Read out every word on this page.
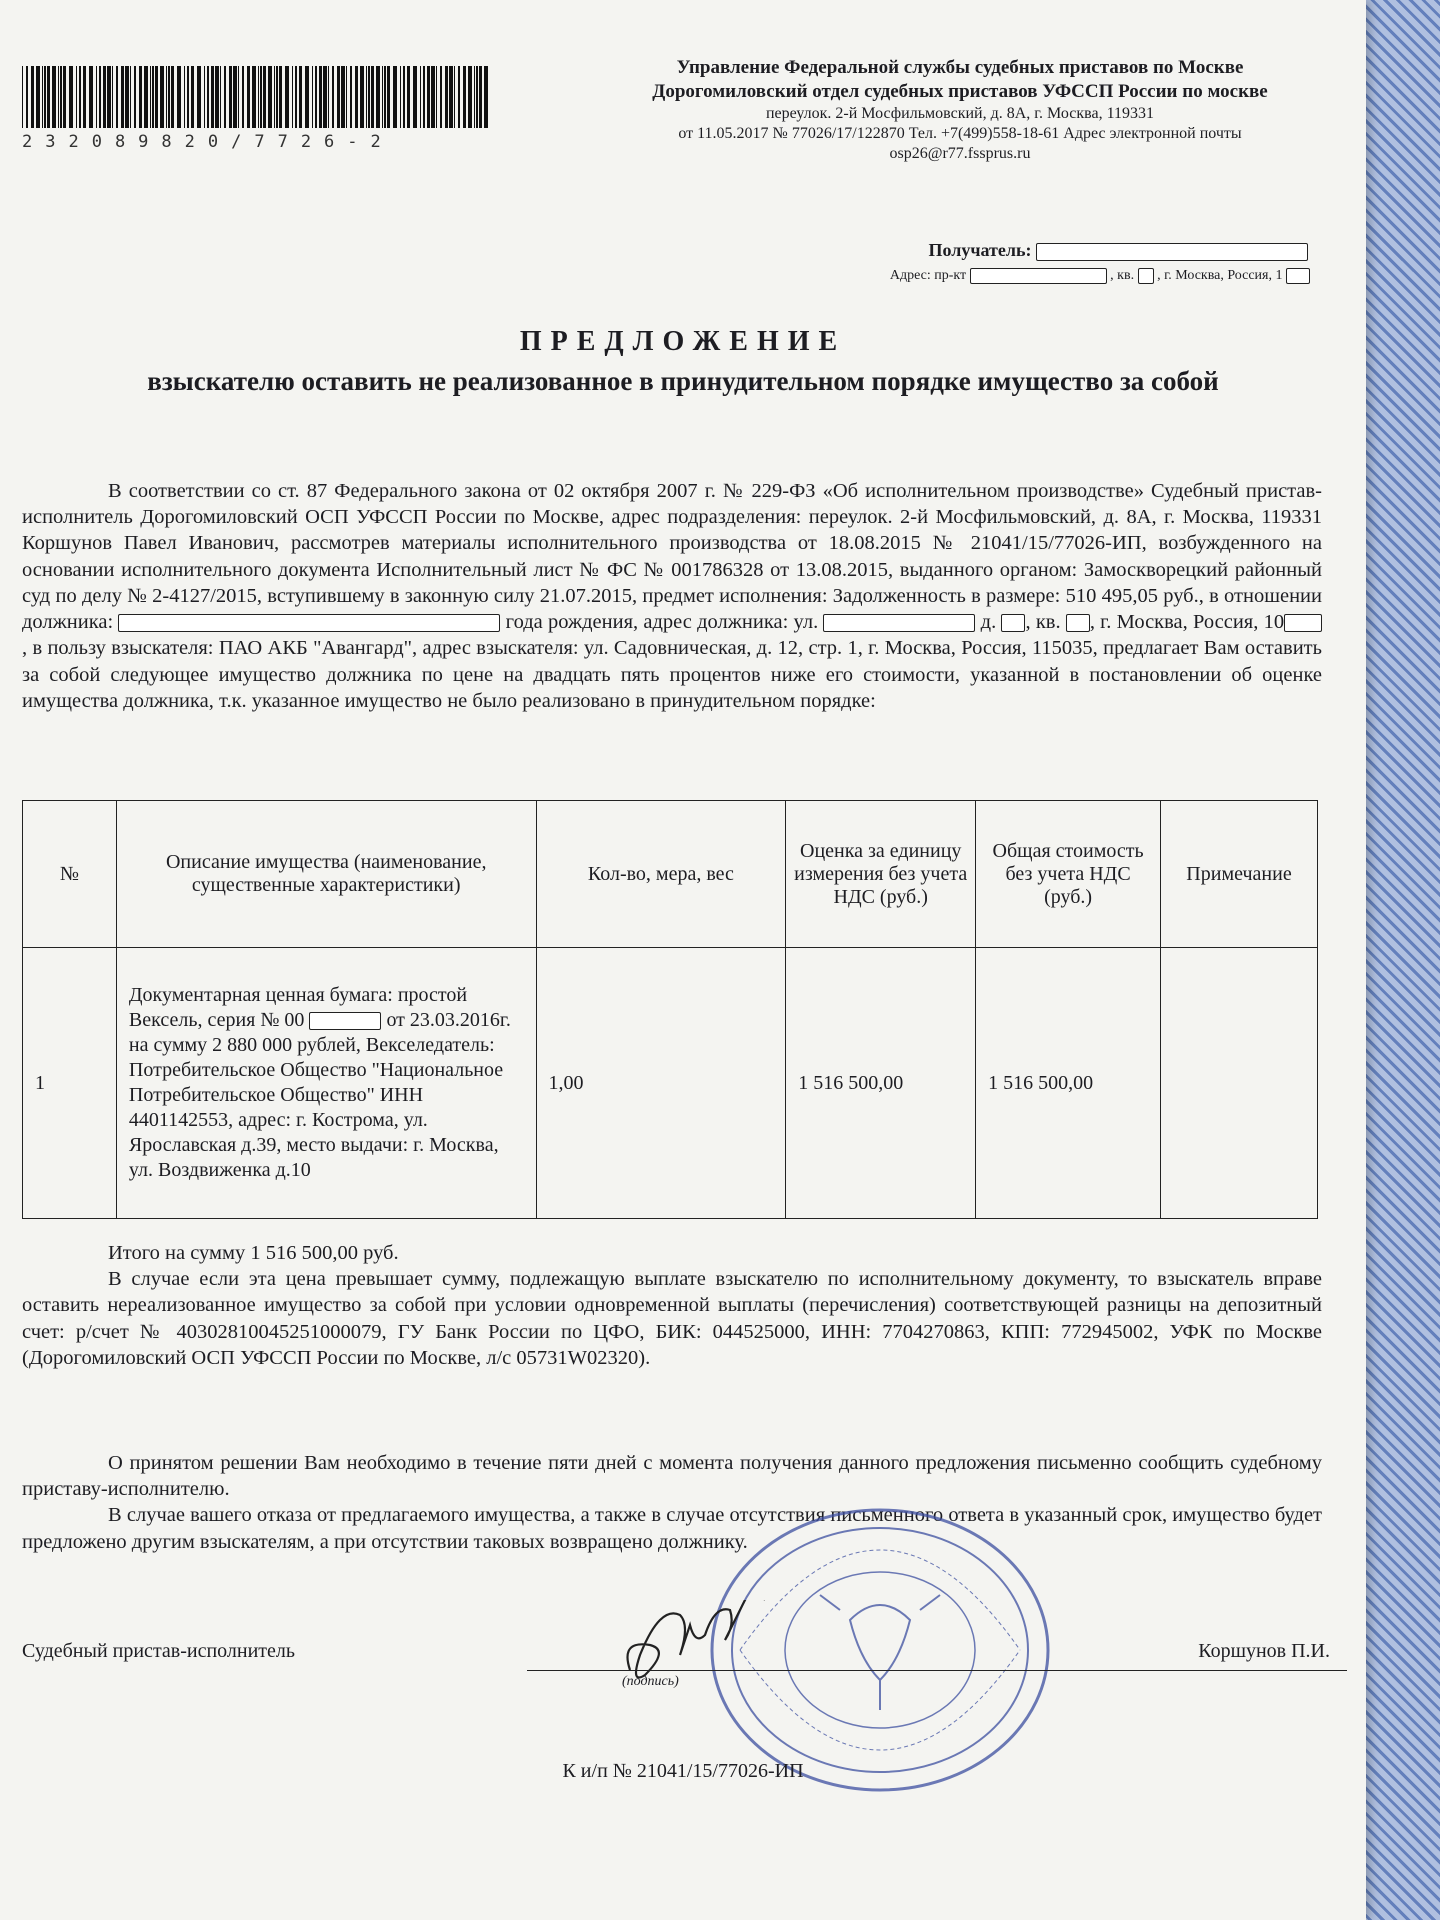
232089820/7726-2
Управление Федеральной службы судебных приставов по Москве
Дорогомиловский отдел судебных приставов УФССП России по москве
переулок. 2-й Мосфильмовский, д. 8А, г. Москва, 119331
от 11.05.2017 № 77026/17/122870 Тел. +7(499)558-18-61 Адрес электронной почты osp26@r77.fssprus.ru
Получатель:
Адрес: пр-кт	, кв. , г. Москва, Россия, 1
ПРЕДЛОЖЕНИЕ
взыскателю оставить не реализованное в принудительном порядке имущество за собой

В соответствии со ст. 87 Федерального закона от 02 октября 2007 г. № 229-ФЗ «Об исполнительном производстве» Судебный пристав-исполнитель Дорогомиловский ОСП УФССП России по Москве, адрес подразделения: переулок. 2-й Мосфильмовский, д. 8А, г. Москва, 119331 Коршунов Павел Иванович, рассмотрев материалы исполнительного производства от 18.08.2015 № 21041/15/77026-ИП, возбужденного на основании исполнительного документа Исполнительный лист № ФС № 001786328 от 13.08.2015, выданного органом: Замоскворецкий районный суд по делу № 2-4127/2015, вступившему в законную силу 21.07.2015, предмет исполнения: Задолженность в размере: 510 495,05 руб., в отношении должника:	года рождения, адрес должника: ул.	д. , кв. , г. Москва, Россия, 10, в пользу взыскателя: ПАО АКБ "Авангард", адрес взыскателя: ул. Садовническая, д. 12, стр. 1, г. Москва, Россия, 115035, предлагает Вам оставить за собой следующее имущество должника по цене на двадцать пять процентов ниже его стоимости, указанной в постановлении об оценке имущества должника, т.к. указанное имущество не было реализовано в принудительном порядке:

№	Описание имущества (наименование, существенные характеристики)	Кол-во, мера, вес	Оценка за единицу измерения без учета НДС (руб.)	Общая стоимость без учета НДС (руб.)	Примечание
1	Документарная ценная бумага: простой Вексель, серия № 00 от 23.03.2016г. на сумму 2 880 000 рублей, Векселедатель: Потребительское Общество "Национальное Потребительское Общество" ИНН 4401142553, адрес: г. Кострома, ул. Ярославская д.39, место выдачи: г. Москва, ул. Воздвиженка д.10	1,00	1 516 500,00	1 516 500,00	

Итого на сумму 1 516 500,00 руб.

В случае если эта цена превышает сумму, подлежащую выплате взыскателю по исполнительному документу, то взыскатель вправе оставить нереализованное имущество за собой при условии одновременной выплаты (перечисления) соответствующей разницы на депозитный счет: р/счет № 40302810045251000079, ГУ Банк России по ЦФО, БИК: 044525000, ИНН: 7704270863, КПП: 772945002, УФК по Москве (Дорогомиловский ОСП УФССП России по Москве, л/с 05731W02320).

О принятом решении Вам необходимо в течение пяти дней с момента получения данного предложения письменно сообщить судебному приставу-исполнителю.

В случае вашего отказа от предлагаемого имущества, а также в случае отсутствия письменного ответа в указанный срок, имущество будет предложено другим взыскателям, а при отсутствии таковых возвращено должнику.

Судебный пристав-исполнитель
(подпись)
Коршунов П.И.
К и/п № 21041/15/77026-ИП
